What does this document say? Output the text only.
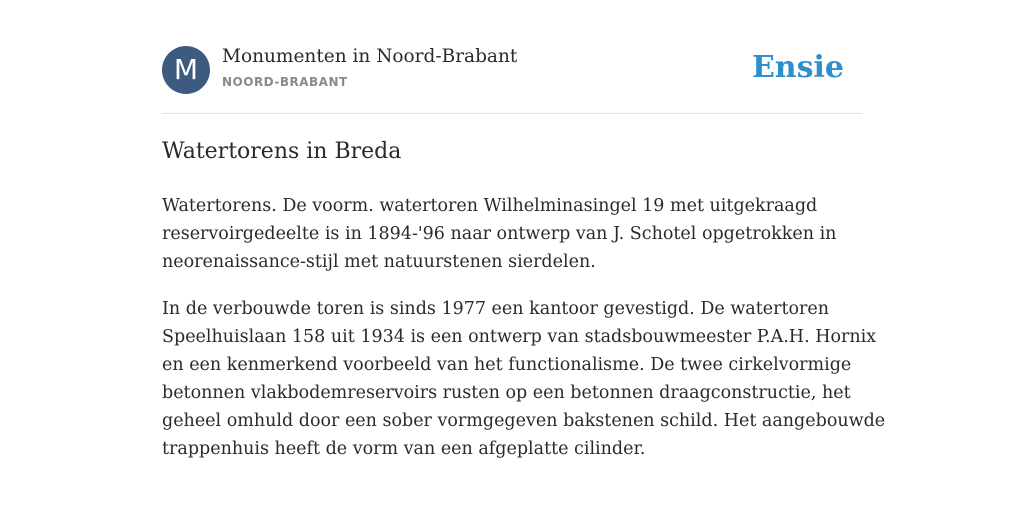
M	Monumenten in Noord-Brabant
NOORD-BRABANT	Ensie
Watertorens in Breda

Watertorens. De voorm. watertoren Wilhelminasingel 19 met uitgekraagd
reservoirgedeelte is in 1894-'96 naar ontwerp van J. Schotel opgetrokken in
neorenaissance-stijl met natuurstenen sierdelen.

In de verbouwde toren is sinds 1977 een kantoor gevestigd. De watertoren
Speelhuislaan 158 uit 1934 is een ontwerp van stadsbouwmeester P.A.H. Hornix
en een kenmerkend voorbeeld van het functionalisme. De twee cirkelvormige
betonnen vlakbodemreservoirs rusten op een betonnen draagconstructie, het
geheel omhuld door een sober vormgegeven bakstenen schild. Het aangebouwde
trappenhuis heeft de vorm van een afgeplatte cilinder.
